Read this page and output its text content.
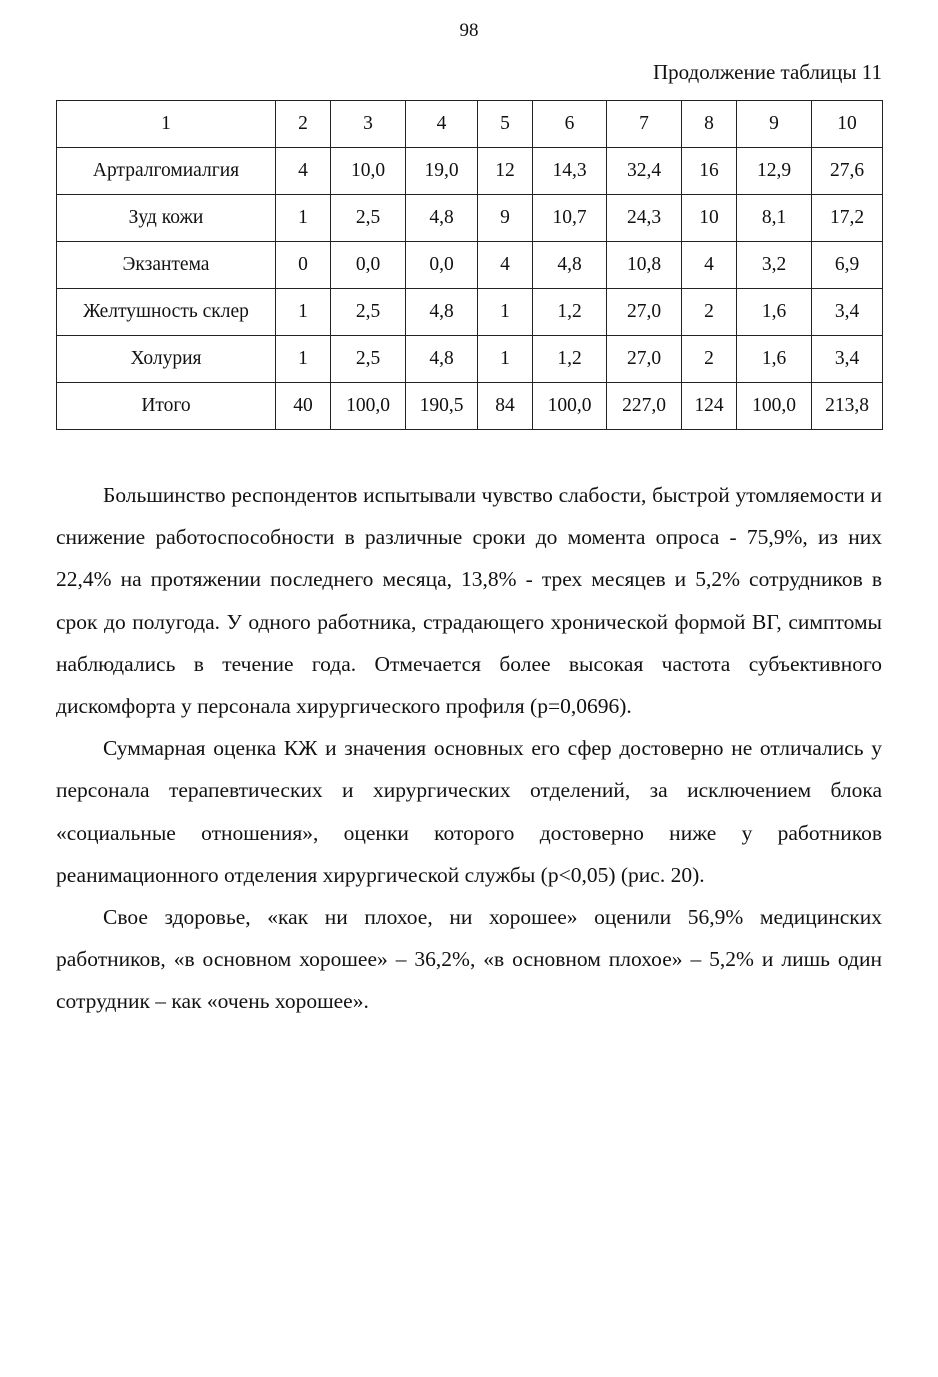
98
Продолжение таблицы 11
1	2	3	4	5	6	7	8	9	10
Артралгомиалгия	4	10,0	19,0	12	14,3	32,4	16	12,9	27,6
Зуд кожи	1	2,5	4,8	9	10,7	24,3	10	8,1	17,2
Экзантема	0	0,0	0,0	4	4,8	10,8	4	3,2	6,9
Желтушность склер	1	2,5	4,8	1	1,2	27,0	2	1,6	3,4
Холурия	1	2,5	4,8	1	1,2	27,0	2	1,6	3,4
Итого	40	100,0	190,5	84	100,0	227,0	124	100,0	213,8

Большинство респондентов испытывали чувство слабости, быстрой утомляемости и снижение работоспособности в различные сроки до момента опроса - 75,9%, из них 22,4% на протяжении последнего месяца, 13,8% - трех месяцев и 5,2% сотрудников в срок до полугода. У одного работника, страдающего хронической формой ВГ, симптомы наблюдались в течение года. Отмечается более высокая частота субъективного дискомфорта у персонала хирургического профиля (p=0,0696).

Суммарная оценка КЖ и значения основных его сфер достоверно не отличались у персонала терапевтических и хирургических отделений, за исключением блока «социальные отношения», оценки которого достоверно ниже у работников реанимационного отделения хирургической службы (p<0,05) (рис. 20).

Свое здоровье, «как ни плохое, ни хорошее» оценили 56,9% медицинских работников, «в основном хорошее» – 36,2%, «в основном плохое» – 5,2% и лишь один сотрудник – как «очень хорошее».
